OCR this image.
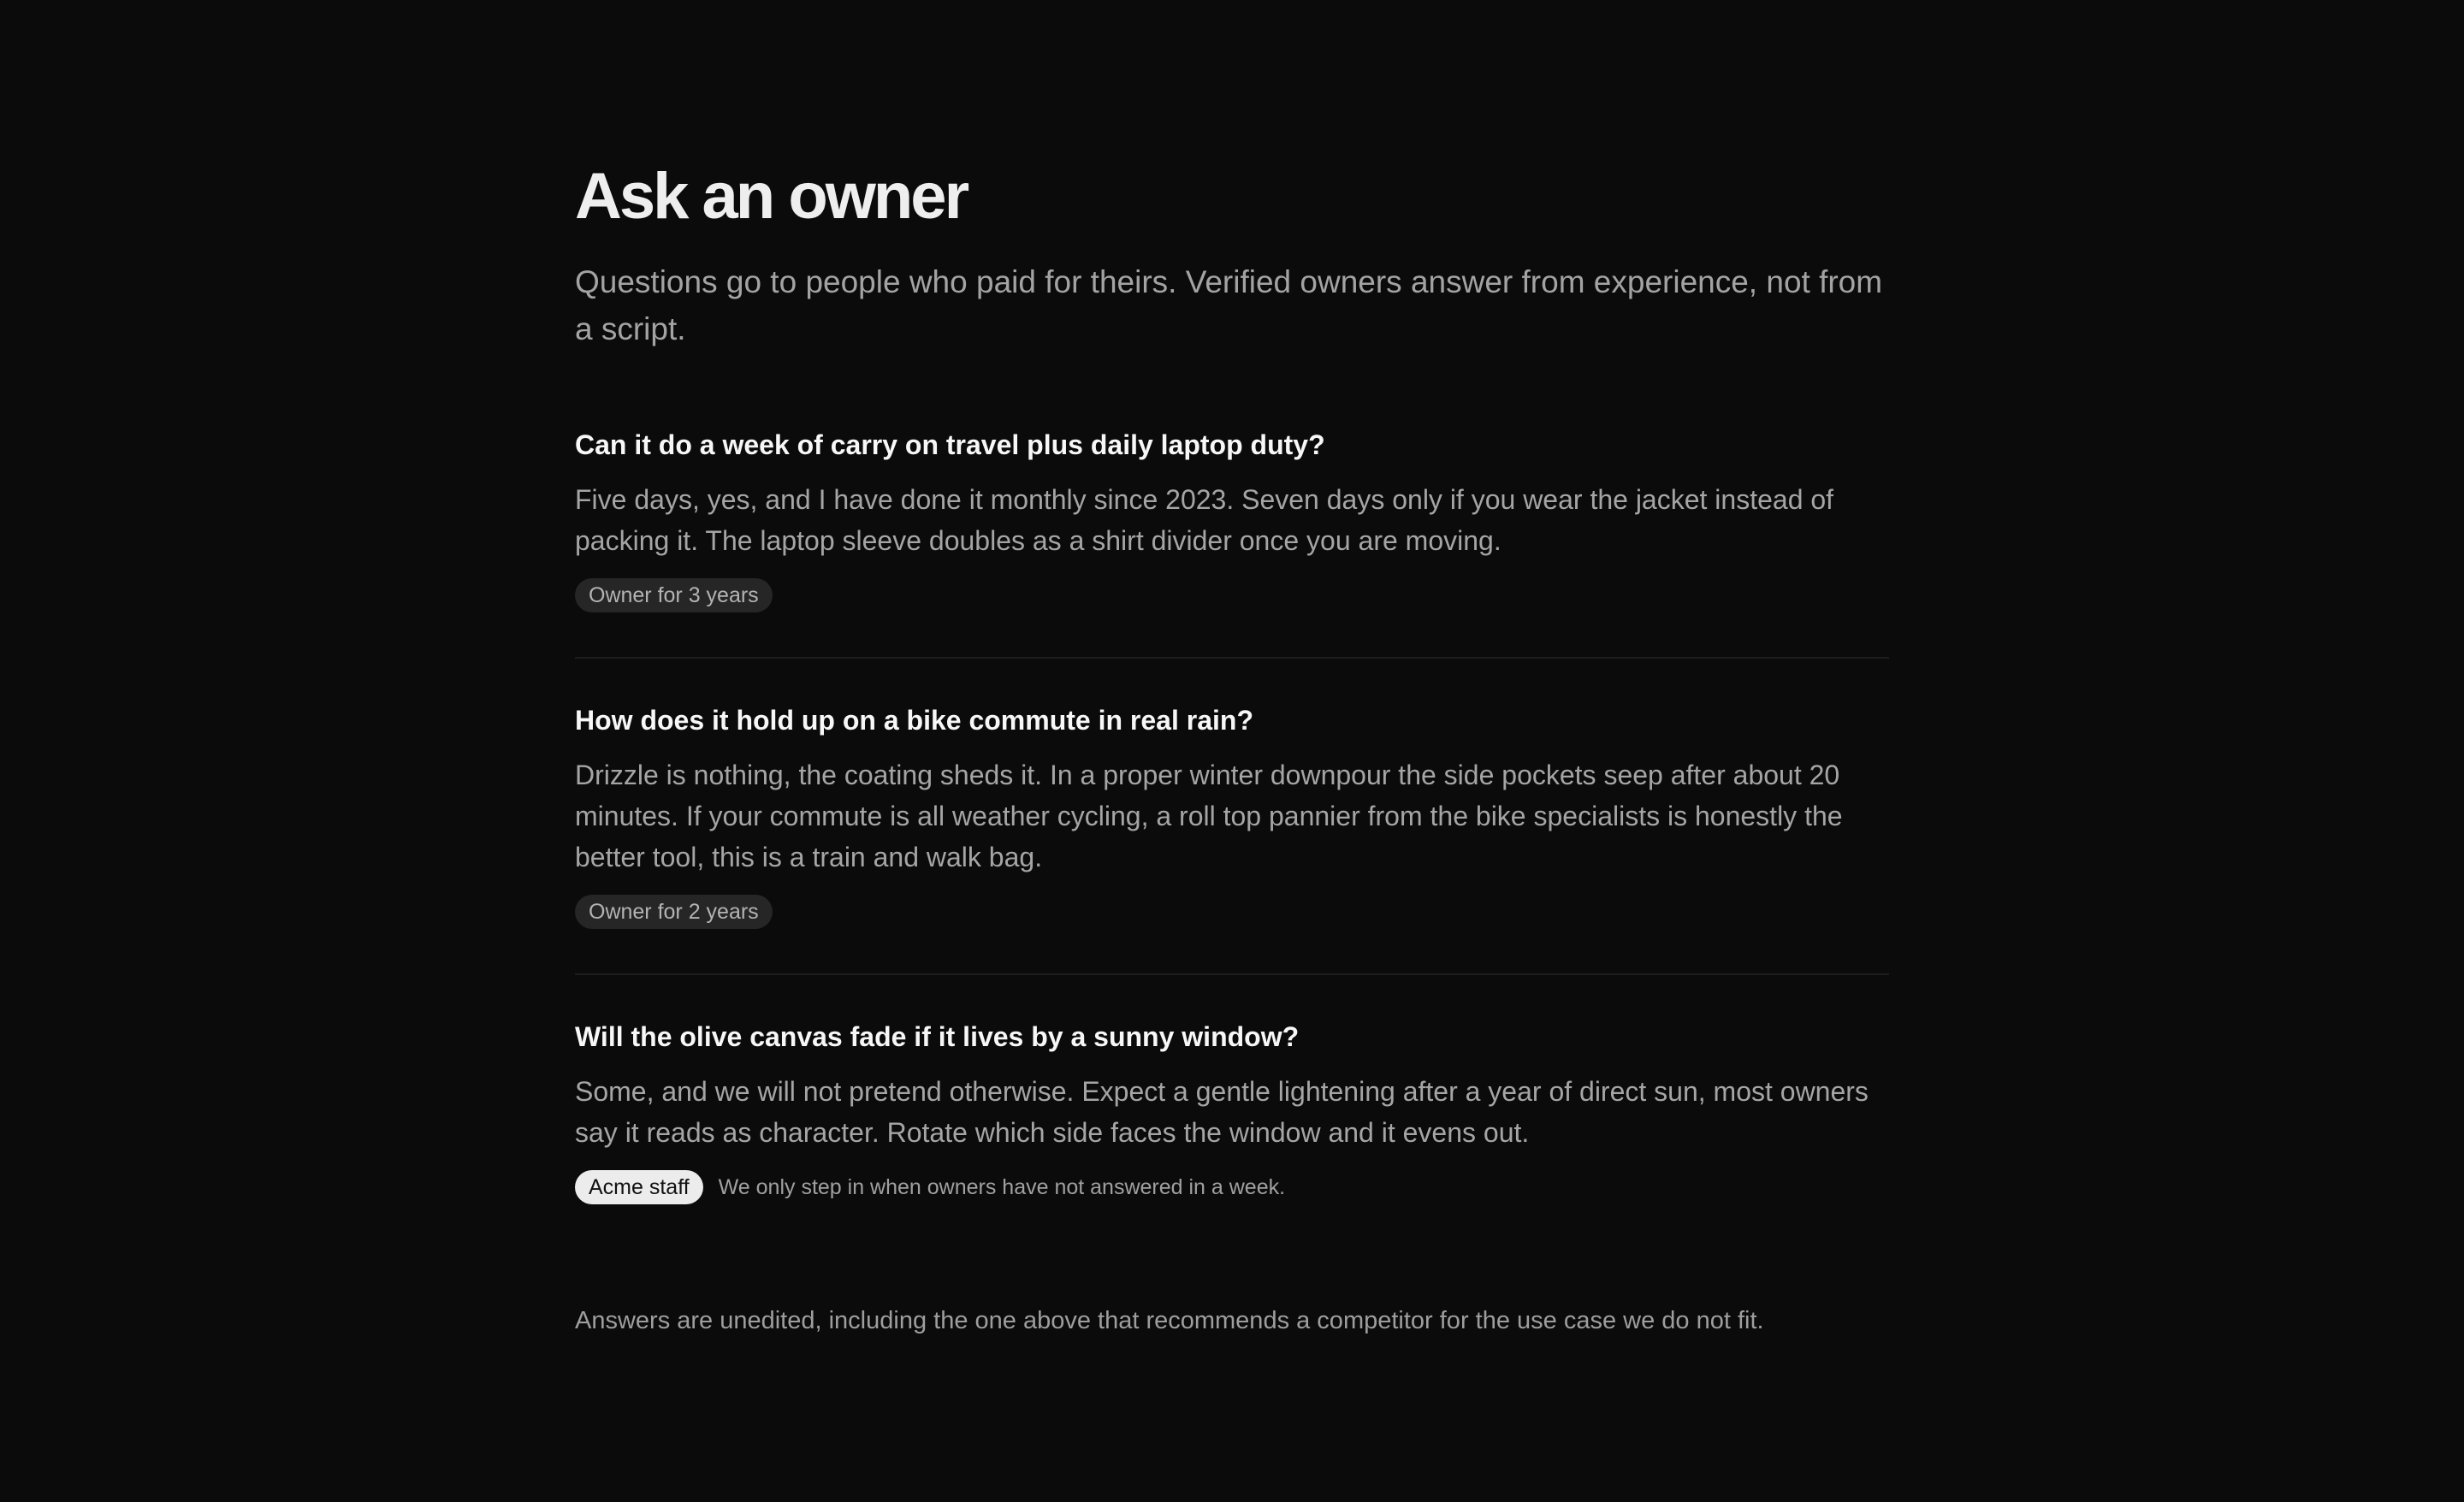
Ask an owner

Questions go to people who paid for theirs. Verified owners answer from experience, not from a script.

Can it do a week of carry on travel plus daily laptop duty?

Five days, yes, and I have done it monthly since 2023. Seven days only if you wear the jacket instead of packing it. The laptop sleeve doubles as a shirt divider once you are moving.

Owner for 3 years
How does it hold up on a bike commute in real rain?

Drizzle is nothing, the coating sheds it. In a proper winter downpour the side pockets seep after about 20 minutes. If your commute is all weather cycling, a roll top pannier from the bike specialists is honestly the better tool, this is a train and walk bag.

Owner for 2 years
Will the olive canvas fade if it lives by a sunny window?

Some, and we will not pretend otherwise. Expect a gentle lightening after a year of direct sun, most owners say it reads as character. Rotate which side faces the window and it evens out.

Acme staff	We only step in when owners have not answered in a week.

Answers are unedited, including the one above that recommends a competitor for the use case we do not fit.
